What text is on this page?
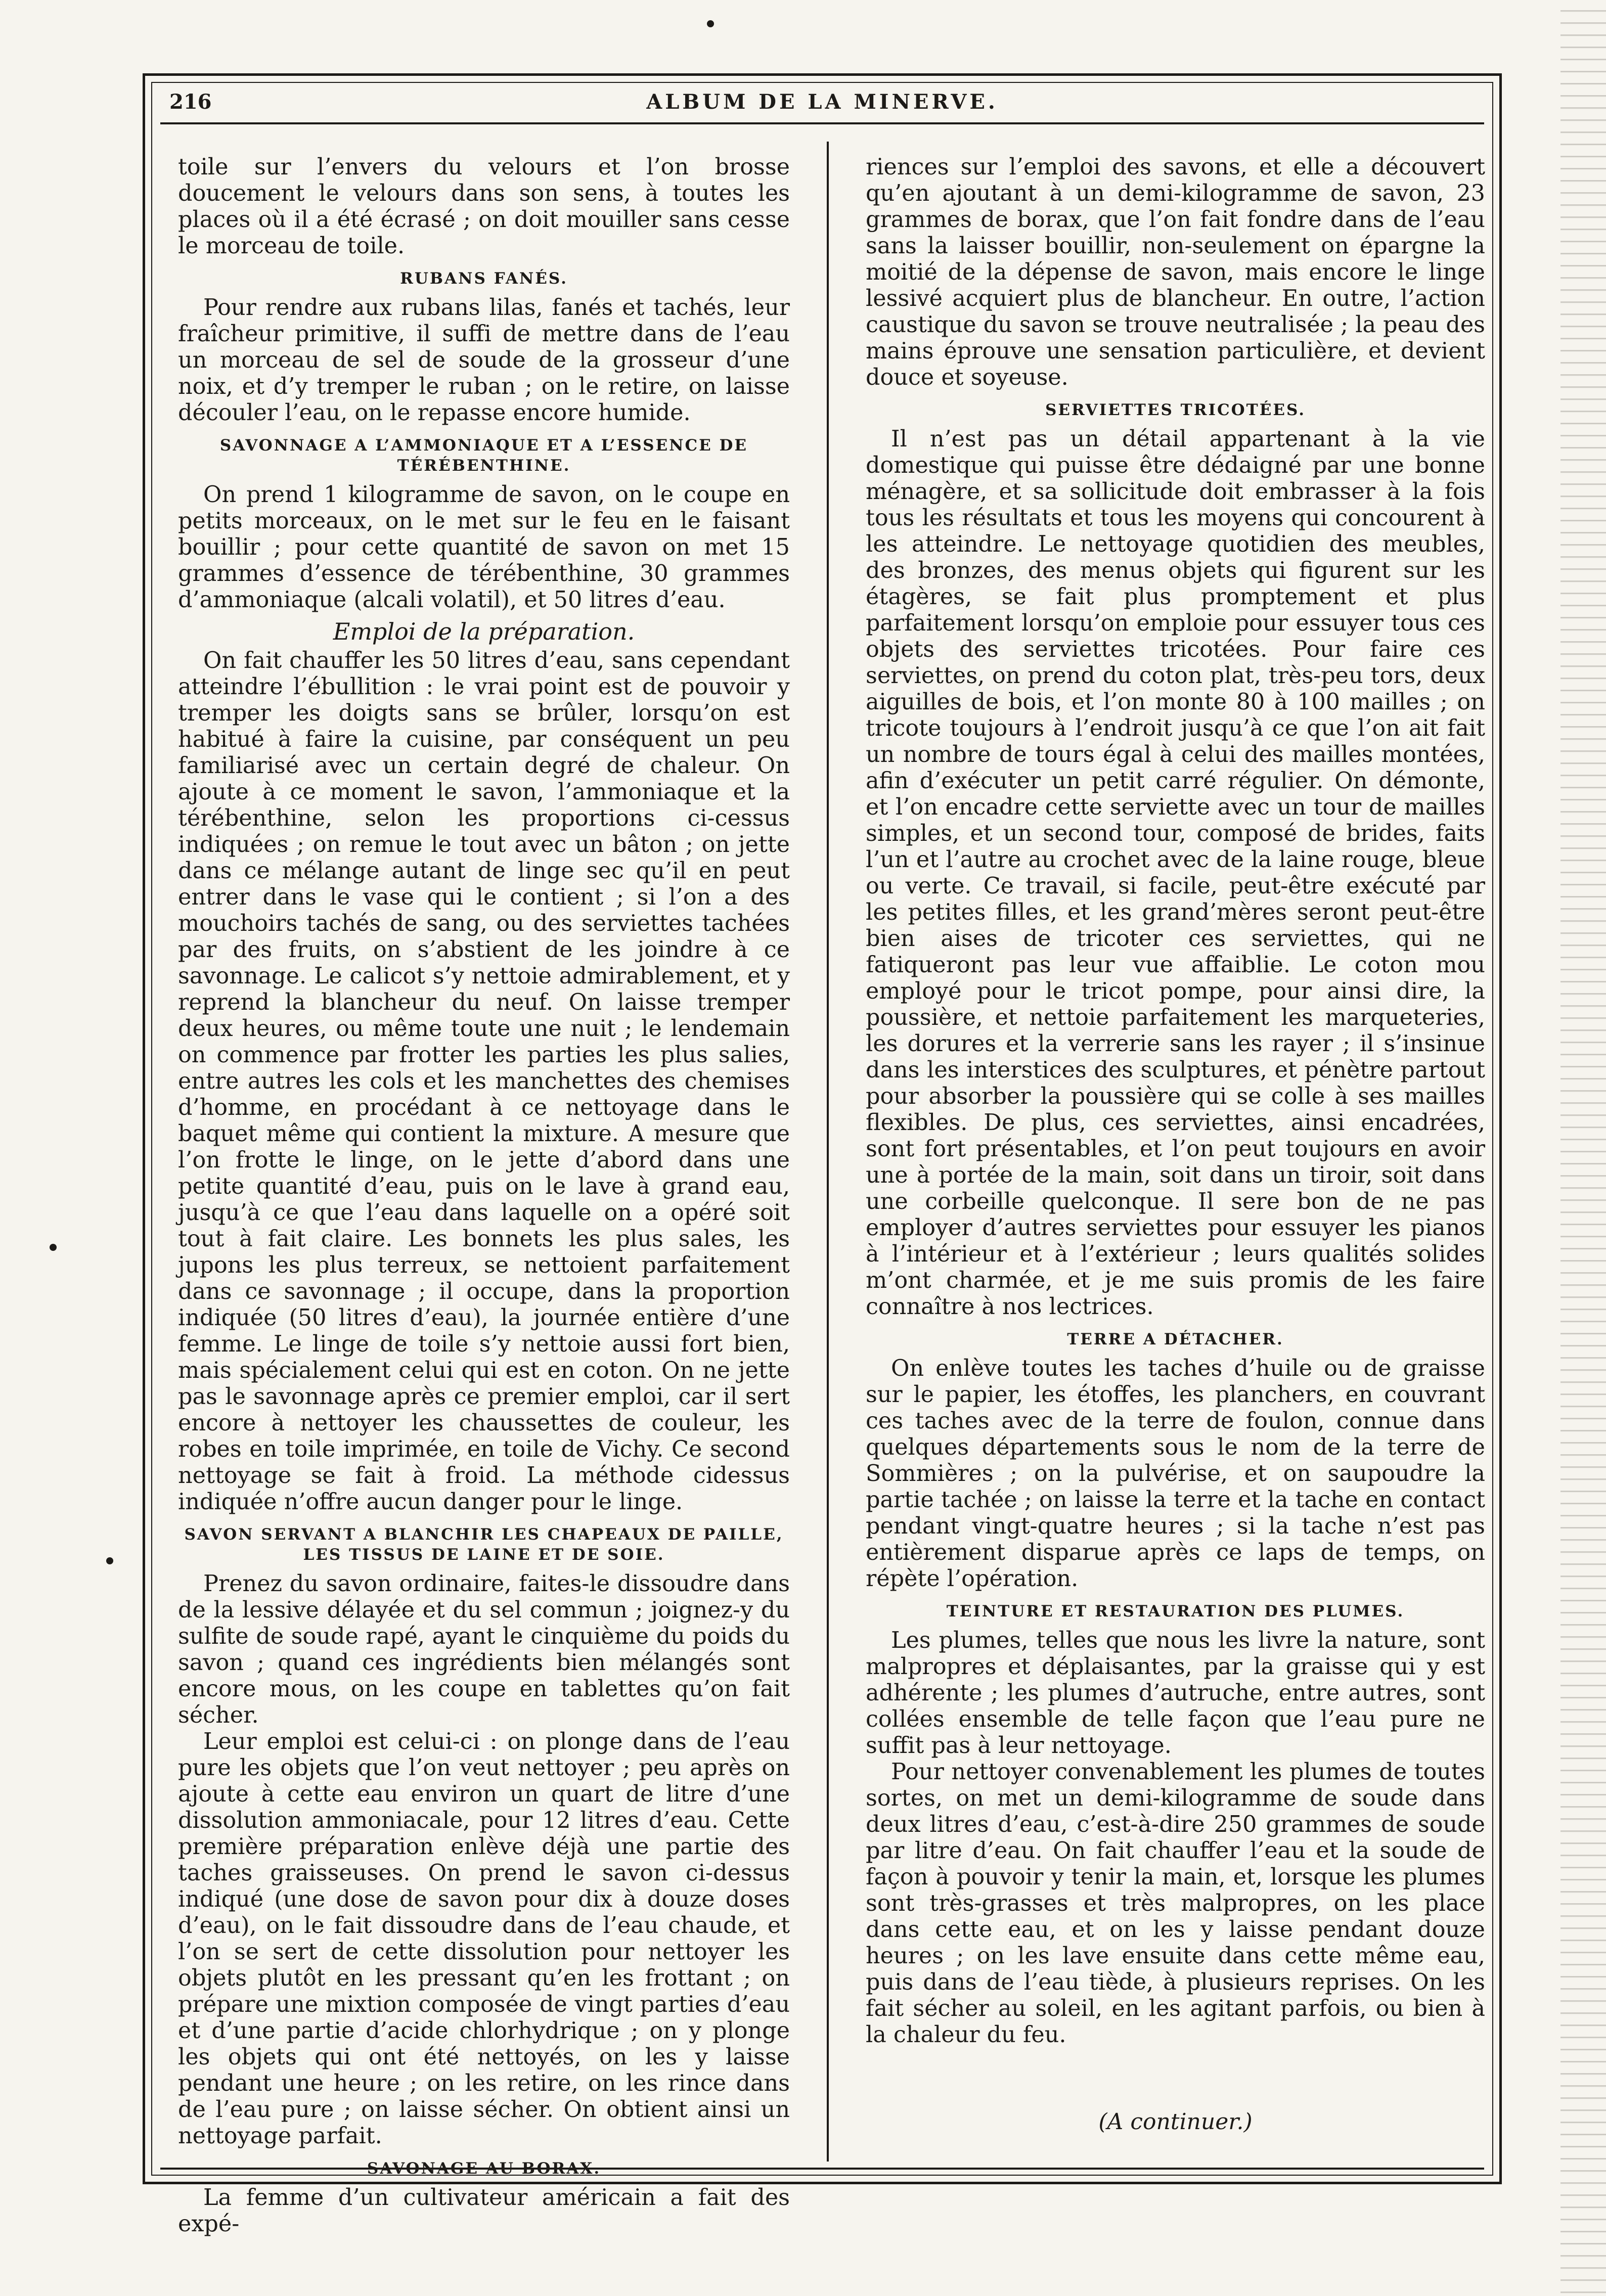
216	ALBUM DE LA MINERVE.

toile sur l’envers du velours et l’on brosse doucement le velours dans son sens, à toutes les places où il a été écrasé ; on doit mouiller sans cesse le morceau de toile.

RUBANS FANÉS.

Pour rendre aux rubans lilas, fanés et tachés, leur fraîcheur primitive, il suffi de mettre dans de l’eau un morceau de sel de soude de la grosseur d’une noix, et d’y tremper le ruban ; on le retire, on laisse découler l’eau, on le repasse encore humide.

SAVONNAGE A L’AMMONIAQUE ET A L’ESSENCE DE TÉRÉBENTHINE.

On prend 1 kilogramme de savon, on le coupe en petits morceaux, on le met sur le feu en le faisant bouillir ; pour cette quantité de savon on met 15 grammes d’essence de térébenthine, 30 grammes d’ammoniaque (alcali volatil), et 50 litres d’eau.

Emploi de la préparation.

On fait chauffer les 50 litres d’eau, sans cependant atteindre l’ébullition : le vrai point est de pouvoir y tremper les doigts sans se brûler, lorsqu’on est habitué à faire la cuisine, par conséquent un peu familiarisé avec un certain degré de chaleur. On ajoute à ce moment le savon, l’ammoniaque et la térébenthine, selon les proportions ci-cessus indiquées ; on remue le tout avec un bâton ; on jette dans ce mélange autant de linge sec qu’il en peut entrer dans le vase qui le contient ; si l’on a des mouchoirs tachés de sang, ou des serviettes tachées par des fruits, on s’abstient de les joindre à ce savonnage. Le calicot s’y nettoie admirablement, et y reprend la blancheur du neuf. On laisse tremper deux heures, ou même toute une nuit ; le lendemain on commence par frotter les parties les plus salies, entre autres les cols et les manchettes des chemises d’homme, en procédant à ce nettoyage dans le baquet même qui contient la mixture. A mesure que l’on frotte le linge, on le jette d’abord dans une petite quantité d’eau, puis on le lave à grand eau, jusqu’à ce que l’eau dans laquelle on a opéré soit tout à fait claire. Les bonnets les plus sales, les jupons les plus terreux, se nettoient parfaitement dans ce savonnage ; il occupe, dans la proportion indiquée (50 litres d’eau), la journée entière d’une femme. Le linge de toile s’y nettoie aussi fort bien, mais spécialement celui qui est en coton. On ne jette pas le savonnage après ce premier emploi, car il sert encore à nettoyer les chaussettes de couleur, les robes en toile imprimée, en toile de Vichy. Ce second nettoyage se fait à froid. La méthode cidessus indiquée n’offre aucun danger pour le linge.

SAVON SERVANT A BLANCHIR LES CHAPEAUX DE PAILLE, LES TISSUS DE LAINE ET DE SOIE.

Prenez du savon ordinaire, faites-le dissoudre dans de la lessive délayée et du sel commun ; joignez-y du sulfite de soude rapé, ayant le cinquième du poids du savon ; quand ces ingrédients bien mélangés sont encore mous, on les coupe en tablettes qu’on fait sécher.

Leur emploi est celui-ci : on plonge dans de l’eau pure les objets que l’on veut nettoyer ; peu après on ajoute à cette eau environ un quart de litre d’une dissolution ammoniacale, pour 12 litres d’eau. Cette première préparation enlève déjà une partie des taches graisseuses. On prend le savon ci-dessus indiqué (une dose de savon pour dix à douze doses d’eau), on le fait dissoudre dans de l’eau chaude, et l’on se sert de cette dissolution pour nettoyer les objets plutôt en les pressant qu’en les frottant ; on prépare une mixtion composée de vingt parties d’eau et d’une partie d’acide chlorhydrique ; on y plonge les objets qui ont été nettoyés, on les y laisse pendant une heure ; on les retire, on les rince dans de l’eau pure ; on laisse sécher. On obtient ainsi un nettoyage parfait.

SAVONAGE AU BORAX.

La femme d’un cultivateur américain a fait des expé-

riences sur l’emploi des savons, et elle a découvert qu’en ajoutant à un demi-kilogramme de savon, 23 grammes de borax, que l’on fait fondre dans de l’eau sans la laisser bouillir, non-seulement on épargne la moitié de la dépense de savon, mais encore le linge lessivé acquiert plus de blancheur. En outre, l’action caustique du savon se trouve neutralisée ; la peau des mains éprouve une sensation particulière, et devient douce et soyeuse.

SERVIETTES TRICOTÉES.

Il n’est pas un détail appartenant à la vie domestique qui puisse être dédaigné par une bonne ménagère, et sa sollicitude doit embrasser à la fois tous les résultats et tous les moyens qui concourent à les atteindre. Le nettoyage quotidien des meubles, des bronzes, des menus objets qui figurent sur les étagères, se fait plus promptement et plus parfaitement lorsqu’on emploie pour essuyer tous ces objets des serviettes tricotées. Pour faire ces serviettes, on prend du coton plat, très-peu tors, deux aiguilles de bois, et l’on monte 80 à 100 mailles ; on tricote toujours à l’endroit jusqu’à ce que l’on ait fait un nombre de tours égal à celui des mailles montées, afin d’exécuter un petit carré régulier. On démonte, et l’on encadre cette serviette avec un tour de mailles simples, et un second tour, composé de brides, faits l’un et l’autre au crochet avec de la laine rouge, bleue ou verte. Ce travail, si facile, peut-être exécuté par les petites filles, et les grand’mères seront peut-être bien aises de tricoter ces serviettes, qui ne fatiqueront pas leur vue affaiblie. Le coton mou employé pour le tricot pompe, pour ainsi dire, la poussière, et nettoie parfaitement les marqueteries, les dorures et la verrerie sans les rayer ; il s’insinue dans les interstices des sculptures, et pénètre partout pour absorber la poussière qui se colle à ses mailles flexibles. De plus, ces serviettes, ainsi encadrées, sont fort présentables, et l’on peut toujours en avoir une à portée de la main, soit dans un tiroir, soit dans une corbeille quelconque. Il sere bon de ne pas employer d’autres serviettes pour essuyer les pianos à l’intérieur et à l’extérieur ; leurs qualités solides m’ont charmée, et je me suis promis de les faire connaître à nos lectrices.

TERRE A DÉTACHER.

On enlève toutes les taches d’huile ou de graisse sur le papier, les étoffes, les planchers, en couvrant ces taches avec de la terre de foulon, connue dans quelques départements sous le nom de la terre de Sommières ; on la pulvérise, et on saupoudre la partie tachée ; on laisse la terre et la tache en contact pendant vingt-quatre heures ; si la tache n’est pas entièrement disparue après ce laps de temps, on répète l’opération.

TEINTURE ET RESTAURATION DES PLUMES.

Les plumes, telles que nous les livre la nature, sont malpropres et déplaisantes, par la graisse qui y est adhérente ; les plumes d’autruche, entre autres, sont collées ensemble de telle façon que l’eau pure ne suffit pas à leur nettoyage.

Pour nettoyer convenablement les plumes de toutes sortes, on met un demi-kilogramme de soude dans deux litres d’eau, c’est-à-dire 250 grammes de soude par litre d’eau. On fait chauffer l’eau et la soude de façon à pouvoir y tenir la main, et, lorsque les plumes sont très-grasses et très malpropres, on les place dans cette eau, et on les y laisse pendant douze heures ; on les lave ensuite dans cette même eau, puis dans de l’eau tiède, à plusieurs reprises. On les fait sécher au soleil, en les agitant parfois, ou bien à la chaleur du feu.

(A continuer.)
